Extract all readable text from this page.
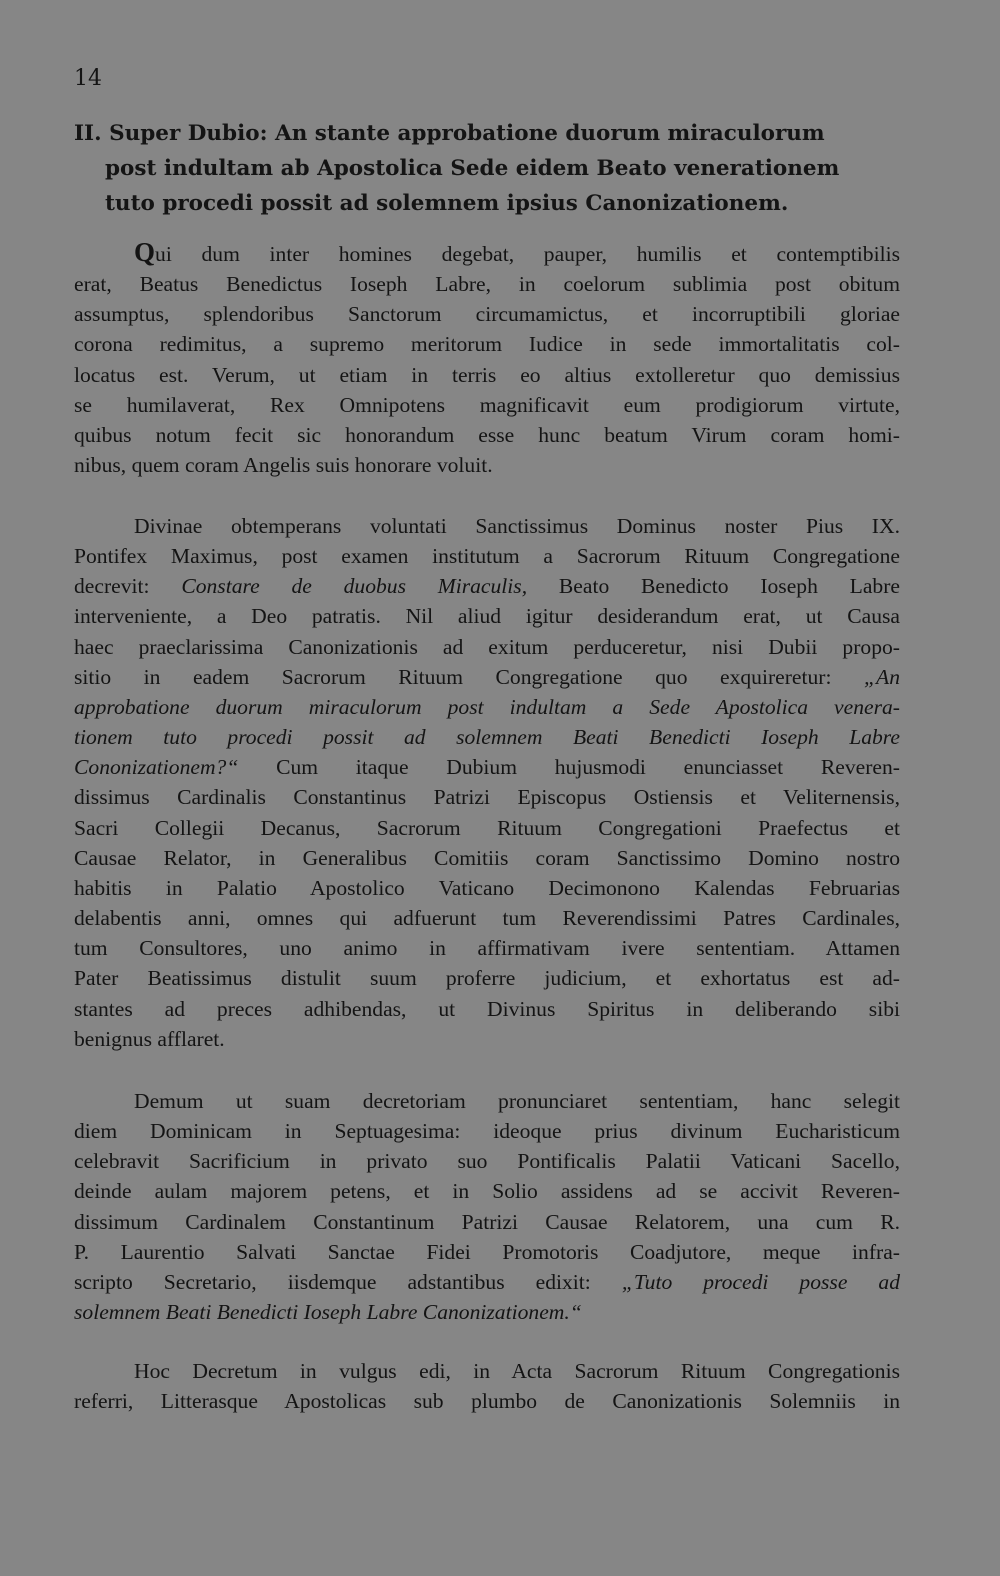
14
II. Super Dubio: An stante approbatione duorum miraculorum
post indultam ab Apostolica Sede eidem Beato venerationem
tuto procedi possit ad solemnem ipsius Canonizationem.
Qui dum inter homines degebat, pauper, humilis et contemptibilis
erat, Beatus Benedictus Ioseph Labre, in coelorum sublimia post obitum
assumptus, splendoribus Sanctorum circumamictus, et incorruptibili gloriae
corona redimitus, a supremo meritorum Iudice in sede immortalitatis col-
locatus est. Verum, ut etiam in terris eo altius extolleretur quo demissius
se humilaverat, Rex Omnipotens magnificavit eum prodigiorum virtute,
quibus notum fecit sic honorandum esse hunc beatum Virum coram homi-
nibus, quem coram Angelis suis honorare voluit.
Divinae obtemperans voluntati Sanctissimus Dominus noster Pius IX.
Pontifex Maximus, post examen institutum a Sacrorum Rituum Congregatione
decrevit: Constare de duobus Miraculis, Beato Benedicto Ioseph Labre
interveniente, a Deo patratis. Nil aliud igitur desiderandum erat, ut Causa
haec praeclarissima Canonizationis ad exitum perduceretur, nisi Dubii propo-
sitio in eadem Sacrorum Rituum Congregatione quo exquireretur: „An
approbatione duorum miraculorum post indultam a Sede Apostolica venera-
tionem tuto procedi possit ad solemnem Beati Benedicti Ioseph Labre
Cononizationem?“ Cum itaque Dubium hujusmodi enunciasset Reveren-
dissimus Cardinalis Constantinus Patrizi Episcopus Ostiensis et Veliternensis,
Sacri Collegii Decanus, Sacrorum Rituum Congregationi Praefectus et
Causae Relator, in Generalibus Comitiis coram Sanctissimo Domino nostro
habitis in Palatio Apostolico Vaticano Decimonono Kalendas Februarias
delabentis anni, omnes qui adfuerunt tum Reverendissimi Patres Cardinales,
tum Consultores, uno animo in affirmativam ivere sententiam. Attamen
Pater Beatissimus distulit suum proferre judicium, et exhortatus est ad-
stantes ad preces adhibendas, ut Divinus Spiritus in deliberando sibi
benignus afflaret.
Demum ut suam decretoriam pronunciaret sententiam, hanc selegit
diem Dominicam in Septuagesima: ideoque prius divinum Eucharisticum
celebravit Sacrificium in privato suo Pontificalis Palatii Vaticani Sacello,
deinde aulam majorem petens, et in Solio assidens ad se accivit Reveren-
dissimum Cardinalem Constantinum Patrizi Causae Relatorem, una cum R.
P. Laurentio Salvati Sanctae Fidei Promotoris Coadjutore, meque infra-
scripto Secretario, iisdemque adstantibus edixit: „Tuto procedi posse ad
solemnem Beati Benedicti Ioseph Labre Canonizationem.“
Hoc Decretum in vulgus edi, in Acta Sacrorum Rituum Congregationis
referri, Litterasque Apostolicas sub plumbo de Canonizationis Solemniis in
